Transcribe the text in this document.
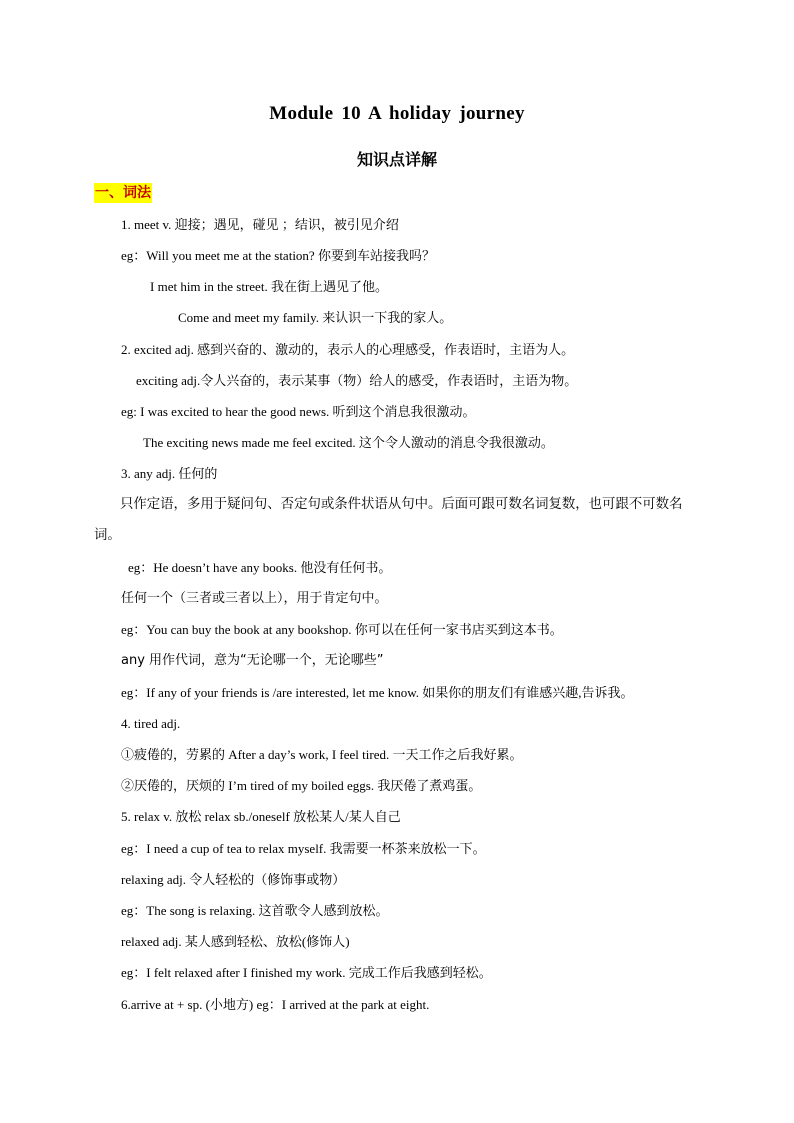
Module 10 A holiday journey
知识点详解
一、词法
1. meet v. 迎接；遇见，碰见 ；结识，被引见介绍
eg：Will you meet me at the station? 你要到车站接我吗？
I met him in the street. 我在街上遇见了他。
Come and meet my family. 来认识一下我的家人。
2. excited adj. 感到兴奋的、激动的，表示人的心理感受，作表语时，主语为人。
exciting adj.令人兴奋的，表示某事（物）给人的感受，作表语时，主语为物。
eg: I was excited to hear the good news. 听到这个消息我很激动。
The exciting news made me feel excited. 这个令人激动的消息令我很激动。
3. any adj. 任何的
只作定语，多用于疑问句、否定句或条件状语从句中。后面可跟可数名词复数，也可跟不可数名词。
eg：He doesn’t have any books. 他没有任何书。
任何一个（三者或三者以上），用于肯定句中。
eg：You can buy the book at any bookshop. 你可以在任何一家书店买到这本书。
any 用作代词，意为“无论哪一个，无论哪些”
eg：If any of your friends is /are interested, let me know. 如果你的朋友们有谁感兴趣,告诉我。
4. tired adj.
①疲倦的，劳累的 After a day’s work, I feel tired. 一天工作之后我好累。
②厌倦的，厌烦的 I’m tired of my boiled eggs. 我厌倦了煮鸡蛋。
5. relax v. 放松 relax sb./oneself 放松某人/某人自己
eg：I need a cup of tea to relax myself. 我需要一杯茶来放松一下。
relaxing adj. 令人轻松的（修饰事或物）
eg：The song is relaxing. 这首歌令人感到放松。
relaxed adj. 某人感到轻松、放松(修饰人)
eg：I felt relaxed after I finished my work. 完成工作后我感到轻松。
6.arrive at + sp. (小地方) eg：I arrived at the park at eight.
